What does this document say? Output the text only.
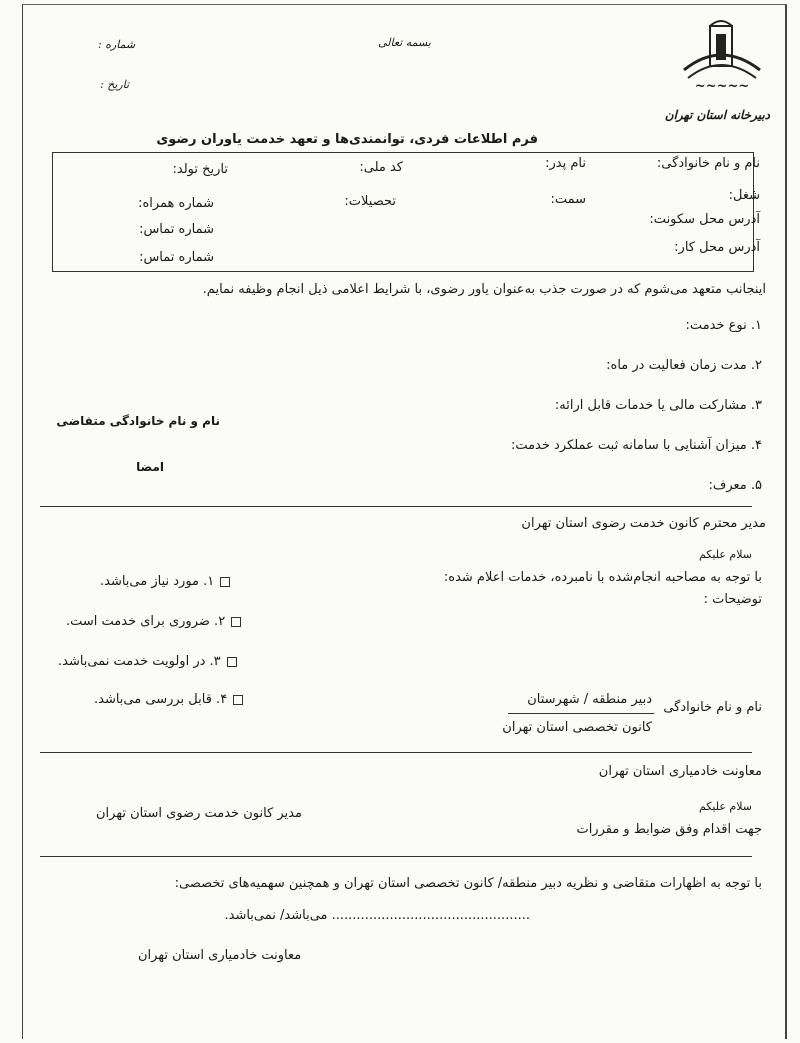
~~~~~
دبیرخانه استان تهران
بسمه تعالی
شماره :
تاریخ :
فرم اطلاعات فردی، توانمندی‌ها و تعهد خدمت یاوران رضوی
نام و نام خانوادگی:
نام پدر:
کد ملی:
تاریخ تولد:
شغل:
سمت:
تحصیلات:
شماره همراه:
آدرس محل سکونت:
شماره تماس:
آدرس محل کار:
شماره تماس:
اینجانب متعهد می‌شوم که در صورت جذب به‌عنوان یاور رضوی، با شرایط اعلامی ذیل انجام وظیفه نمایم.
۱. نوع خدمت:
۲. مدت زمان فعالیت در ماه:
۳. مشارکت مالی یا خدمات قابل ارائه:
۴. میزان آشنایی با سامانه ثبت عملکرد خدمت:
۵. معرف:
نام و نام خانوادگی متقاضی
امضا
مدیر محترم کانون خدمت رضوی استان تهران
سلام علیکم
با توجه به مصاحبه انجام‌شده با نامبرده، خدمات اعلام شده:
توضیحات :
۱. مورد نیاز می‌باشد.
۲. ضروری برای خدمت است.
۳. در اولویت خدمت نمی‌باشد.
۴. قابل بررسی می‌باشد.
نام و نام خانوادگی
دبیر منطقه / شهرستان
کانون تخصصی استان تهران
معاونت خادمیاری استان تهران
سلام علیکم
جهت اقدام وفق ضوابط و مقررات
مدیر کانون خدمت رضوی استان تهران
با توجه به اظهارات متقاضی و نظریه دبیر منطقه/ کانون تخصصی استان تهران و همچنین سهمیه‌های تخصصی:
................................................ می‌باشد/ نمی‌باشد.
معاونت خادمیاری استان تهران
